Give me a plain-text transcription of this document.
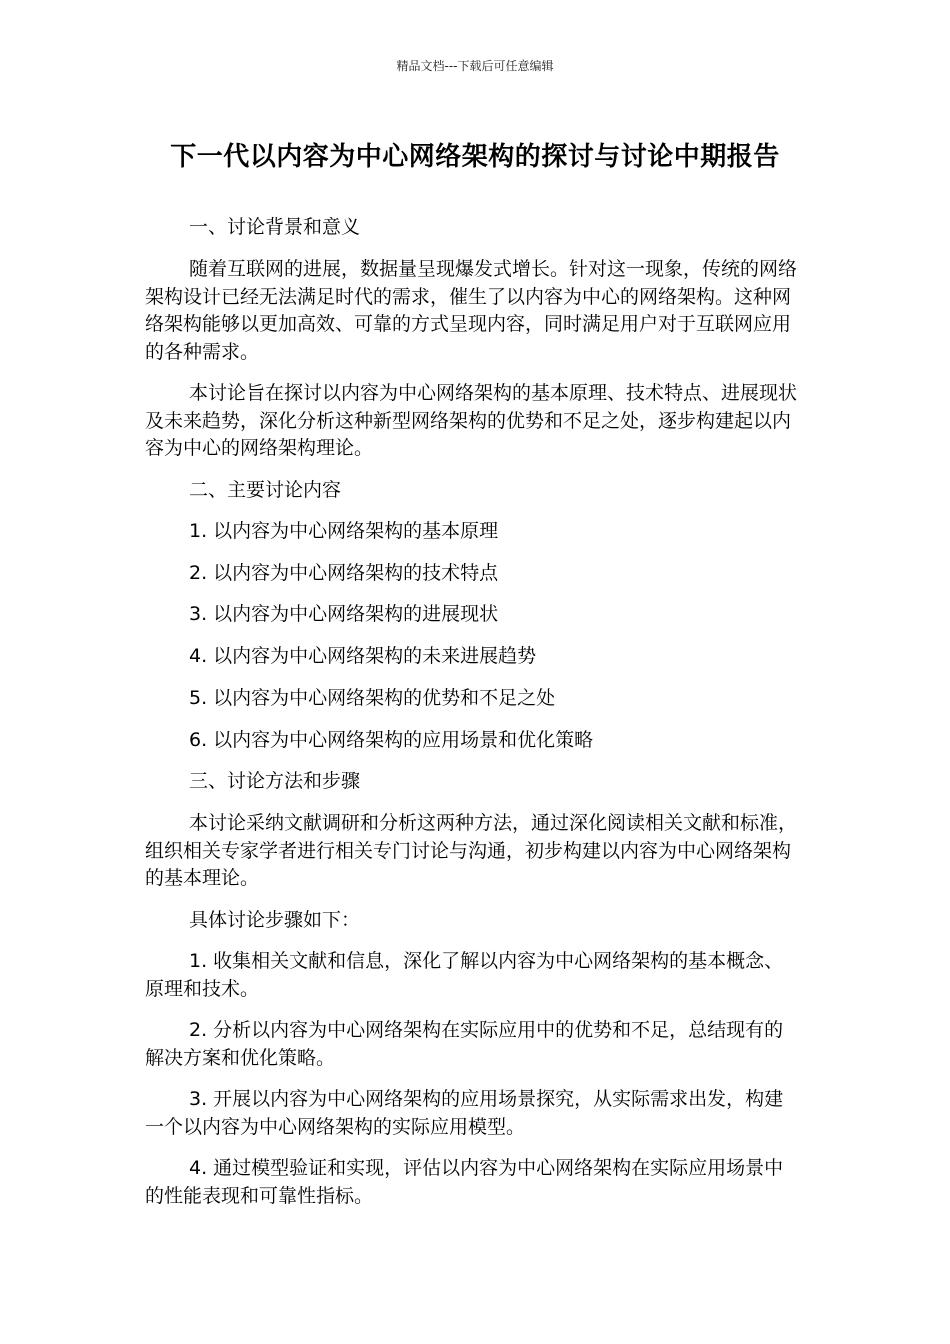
精品文档---下载后可任意编辑
下一代以内容为中心网络架构的探讨与讨论中期报告
一、讨论背景和意义

随着互联网的进展，数据量呈现爆发式增长。针对这一现象，传统的网络架构设计已经无法满足时代的需求，催生了以内容为中心的网络架构。这种网络架构能够以更加高效、可靠的方式呈现内容，同时满足用户对于互联网应用的各种需求。

本讨论旨在探讨以内容为中心网络架构的基本原理、技术特点、进展现状及未来趋势，深化分析这种新型网络架构的优势和不足之处，逐步构建起以内容为中心的网络架构理论。

二、主要讨论内容
1. 以内容为中心网络架构的基本原理
2. 以内容为中心网络架构的技术特点
3. 以内容为中心网络架构的进展现状
4. 以内容为中心网络架构的未来进展趋势
5. 以内容为中心网络架构的优势和不足之处
6. 以内容为中心网络架构的应用场景和优化策略
三、讨论方法和步骤

本讨论采纳文献调研和分析这两种方法，通过深化阅读相关文献和标准，组织相关专家学者进行相关专门讨论与沟通，初步构建以内容为中心网络架构的基本理论。

具体讨论步骤如下：

1. 收集相关文献和信息，深化了解以内容为中心网络架构的基本概念、原理和技术。

2. 分析以内容为中心网络架构在实际应用中的优势和不足，总结现有的解决方案和优化策略。

3. 开展以内容为中心网络架构的应用场景探究，从实际需求出发，构建一个以内容为中心网络架构的实际应用模型。

4. 通过模型验证和实现，评估以内容为中心网络架构在实际应用场景中的性能表现和可靠性指标。
